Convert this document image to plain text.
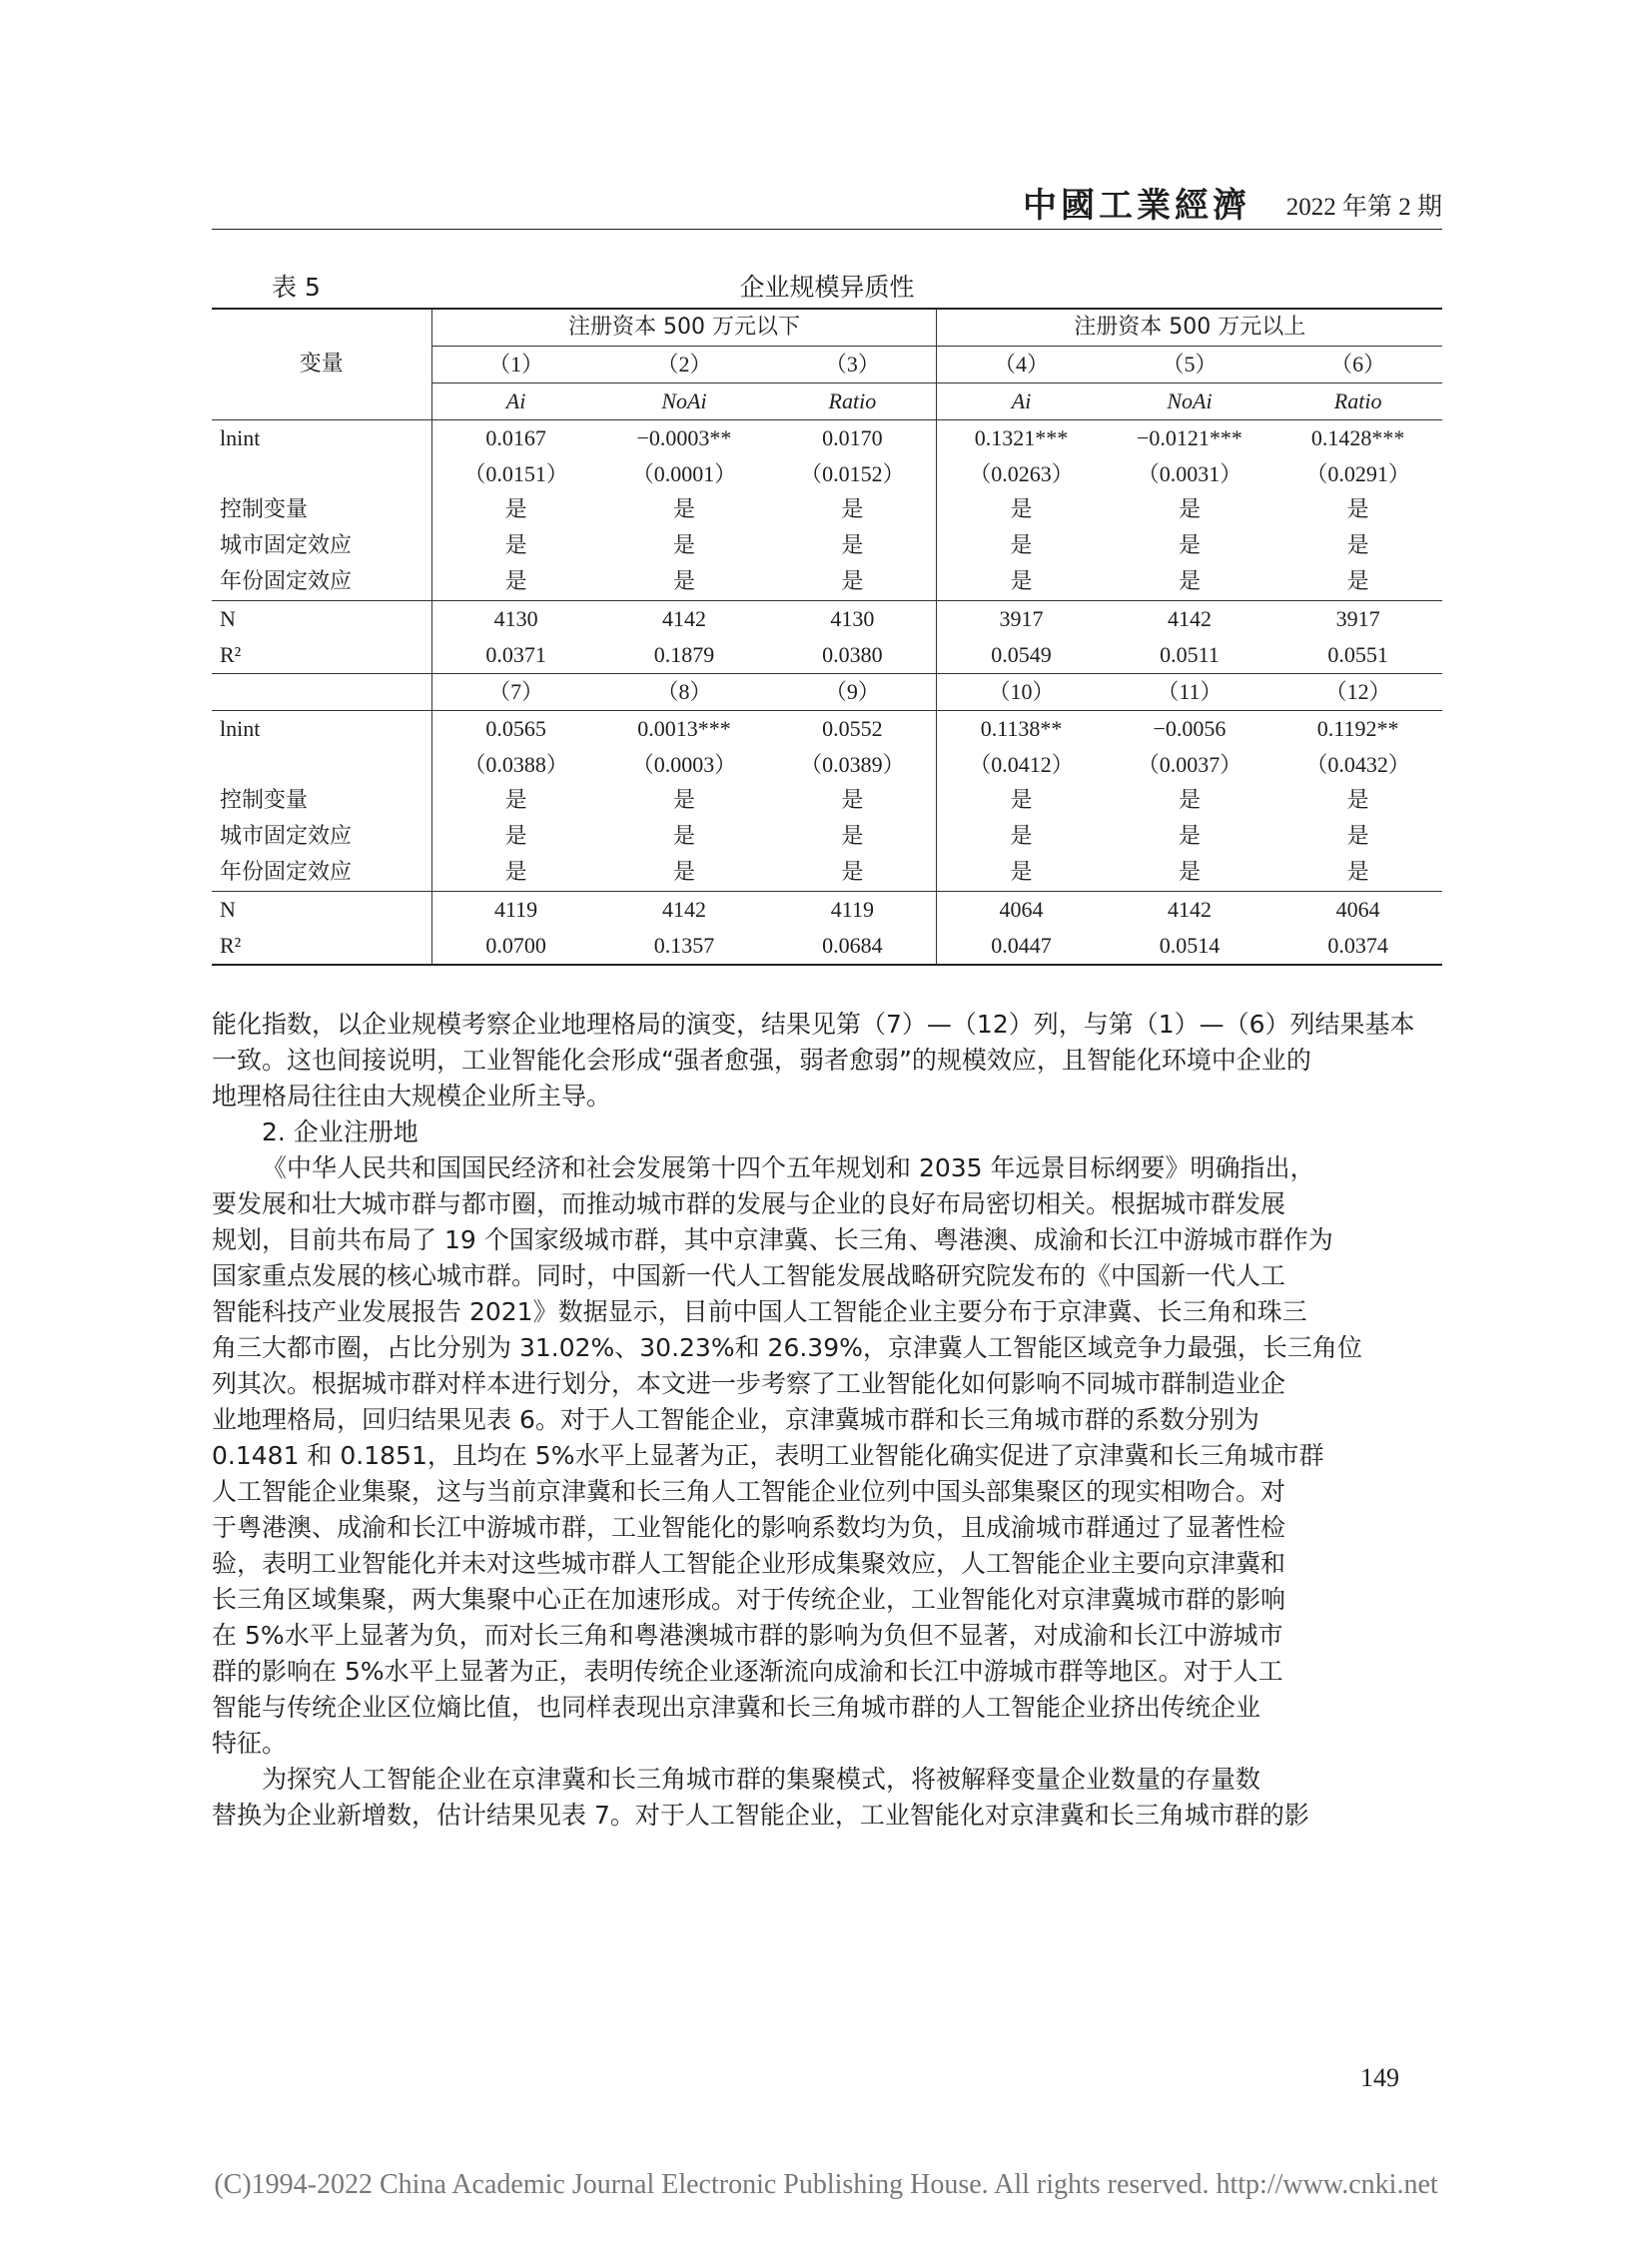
中國工業經濟 2022 年第 2 期
表 5	企业规模异质性
变量	注册资本 500 万元以下			注册资本 500 万元以上		
	（1）	（2）	（3）	（4）	（5）	（6）
	Ai	NoAi	Ratio	Ai	NoAi	Ratio
lnint	0.0167	−0.0003**	0.0170	0.1321***	−0.0121***	0.1428***
	（0.0151）	（0.0001）	（0.0152）	（0.0263）	（0.0031）	（0.0291）
控制变量	是	是	是	是	是	是
城市固定效应	是	是	是	是	是	是
年份固定效应	是	是	是	是	是	是
N	4130	4142	4130	3917	4142	3917
R²	0.0371	0.1879	0.0380	0.0549	0.0511	0.0551
	（7）	（8）	（9）	（10）	（11）	（12）
lnint	0.0565	0.0013***	0.0552	0.1138**	−0.0056	0.1192**
	（0.0388）	（0.0003）	（0.0389）	（0.0412）	（0.0037）	（0.0432）
控制变量	是	是	是	是	是	是
城市固定效应	是	是	是	是	是	是
年份固定效应	是	是	是	是	是	是
N	4119	4142	4119	4064	4142	4064
R²	0.0700	0.1357	0.0684	0.0447	0.0514	0.0374

能化指数，以企业规模考察企业地理格局的演变，结果见第（7）—（12）列，与第（1）—（6）列结果基本
一致。这也间接说明，工业智能化会形成“强者愈强，弱者愈弱”的规模效应，且智能化环境中企业的
地理格局往往由大规模企业所主导。

2. 企业注册地

《中华人民共和国国民经济和社会发展第十四个五年规划和 2035 年远景目标纲要》明确指出，
要发展和壮大城市群与都市圈，而推动城市群的发展与企业的良好布局密切相关。根据城市群发展
规划，目前共布局了 19 个国家级城市群，其中京津冀、长三角、粤港澳、成渝和长江中游城市群作为
国家重点发展的核心城市群。同时，中国新一代人工智能发展战略研究院发布的《中国新一代人工
智能科技产业发展报告 2021》数据显示，目前中国人工智能企业主要分布于京津冀、长三角和珠三
角三大都市圈，占比分别为 31.02%、30.23%和 26.39%，京津冀人工智能区域竞争力最强，长三角位
列其次。根据城市群对样本进行划分，本文进一步考察了工业智能化如何影响不同城市群制造业企
业地理格局，回归结果见表 6。对于人工智能企业，京津冀城市群和长三角城市群的系数分别为
0.1481 和 0.1851，且均在 5%水平上显著为正，表明工业智能化确实促进了京津冀和长三角城市群
人工智能企业集聚，这与当前京津冀和长三角人工智能企业位列中国头部集聚区的现实相吻合。对
于粤港澳、成渝和长江中游城市群，工业智能化的影响系数均为负，且成渝城市群通过了显著性检
验，表明工业智能化并未对这些城市群人工智能企业形成集聚效应，人工智能企业主要向京津冀和
长三角区域集聚，两大集聚中心正在加速形成。对于传统企业，工业智能化对京津冀城市群的影响
在 5%水平上显著为负，而对长三角和粤港澳城市群的影响为负但不显著，对成渝和长江中游城市
群的影响在 5%水平上显著为正，表明传统企业逐渐流向成渝和长江中游城市群等地区。对于人工
智能与传统企业区位熵比值，也同样表现出京津冀和长三角城市群的人工智能企业挤出传统企业
特征。

为探究人工智能企业在京津冀和长三角城市群的集聚模式，将被解释变量企业数量的存量数
替换为企业新增数，估计结果见表 7。对于人工智能企业，工业智能化对京津冀和长三角城市群的影

149
(C)1994-2022 China Academic Journal Electronic Publishing House. All rights reserved. http://www.cnki.net
